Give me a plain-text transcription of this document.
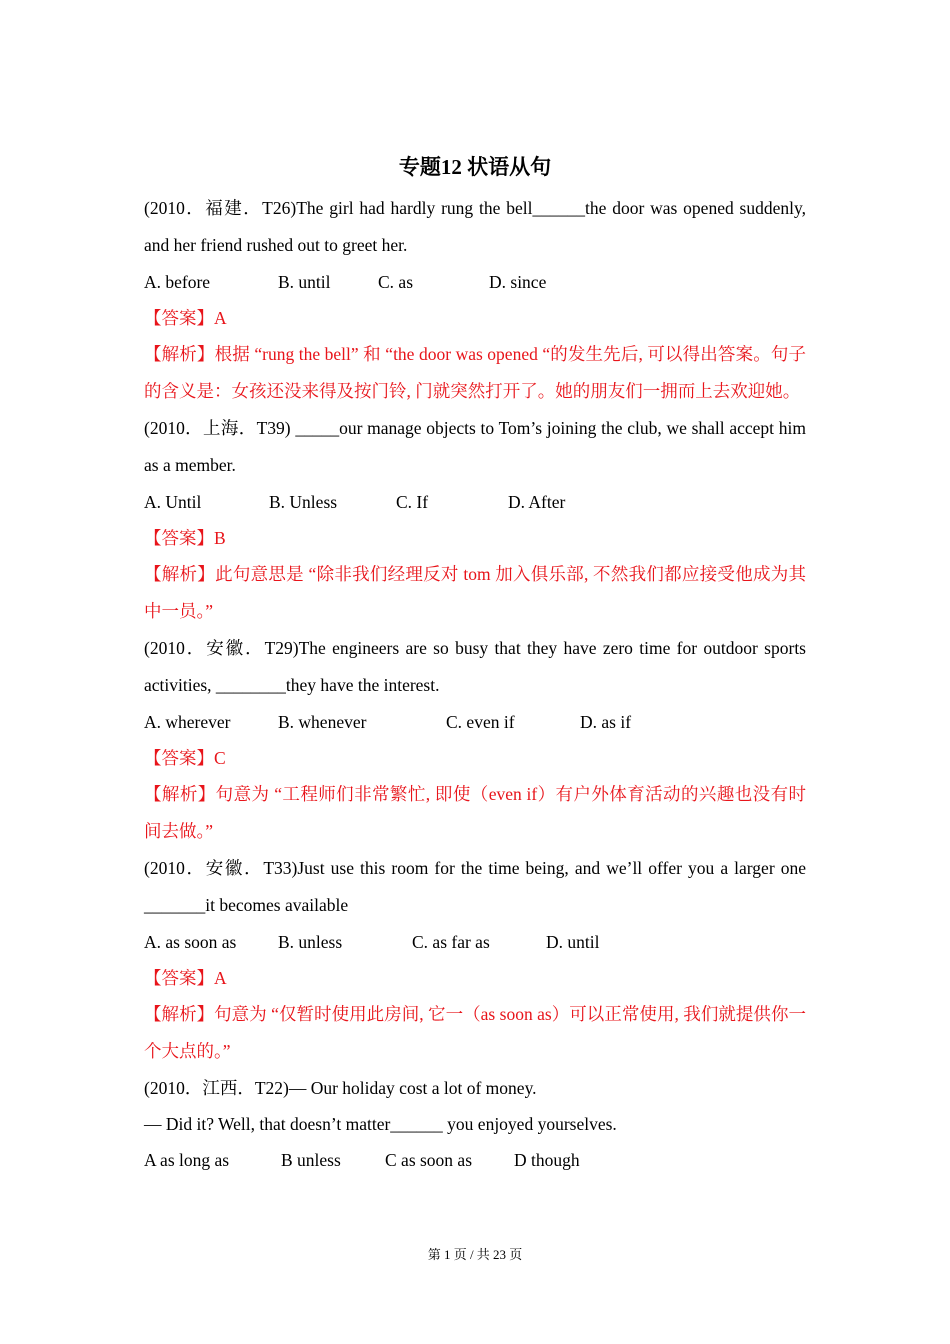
专题12 状语从句

(2010．福建．T26)The girl had hardly rung the bell______the door was opened suddenly, and her friend rushed out to greet her.

A. before	B. until	C. as	D. since

【答案】A

【解析】根据 “rung the bell” 和 “the door was opened “的发生先后, 可以得出答案。句子的含义是：女孩还没来得及按门铃, 门就突然打开了。她的朋友们一拥而上去欢迎她。

(2010．上海．T39) _____our manage objects to Tom’s joining the club, we shall accept him as a member.

A. Until	B. Unless	C. If	D. After

【答案】B

【解析】此句意思是 “除非我们经理反对 tom 加入俱乐部, 不然我们都应接受他成为其中一员。”

(2010．安徽．T29)The engineers are so busy that they have zero time for outdoor sports activities, ________they have the interest.

A. wherever	B. whenever	C. even if	D. as if

【答案】C

【解析】句意为 “工程师们非常繁忙, 即使（even if）有户外体育活动的兴趣也没有时间去做。”

(2010．安徽．T33)Just use this room for the time being, and we’ll offer you a larger one _______it becomes available

A. as soon as	B. unless	C. as far as	D. until

【答案】A

【解析】句意为 “仅暂时使用此房间, 它一（as soon as）可以正常使用, 我们就提供你一个大点的。”

(2010．江西．T22)— Our holiday cost a lot of money.

— Did it? Well, that doesn’t matter______ you enjoyed yourselves.

A as long as	B unless	C as soon as	D though
第 1 页 / 共 23 页
